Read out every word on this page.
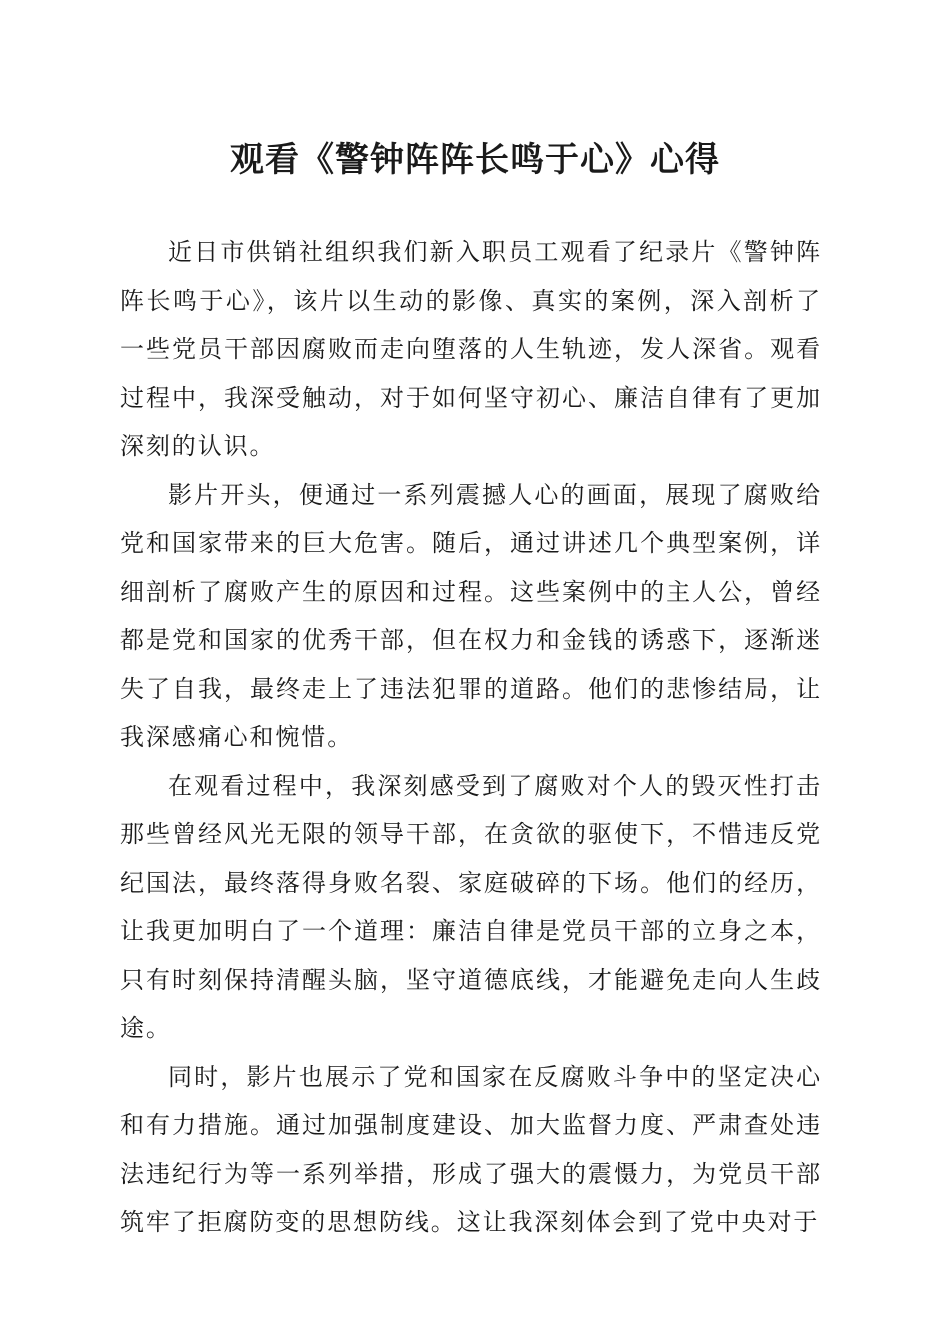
观看《警钟阵阵长鸣于心》心得

近日市供销社组织我们新入职员工观看了纪录片《警钟阵阵长鸣于心》，该片以生动的影像、真实的案例，深入剖析了一些党员干部因腐败而走向堕落的人生轨迹，发人深省。观看过程中，我深受触动，对于如何坚守初心、廉洁自律有了更加深刻的认识。

影片开头，便通过一系列震撼人心的画面，展现了腐败给党和国家带来的巨大危害。随后，通过讲述几个典型案例，详细剖析了腐败产生的原因和过程。这些案例中的主人公，曾经都是党和国家的优秀干部，但在权力和金钱的诱惑下，逐渐迷失了自我，最终走上了违法犯罪的道路。他们的悲惨结局，让我深感痛心和惋惜。

在观看过程中，我深刻感受到了腐败对个人的毁灭性打击那些曾经风光无限的领导干部，在贪欲的驱使下，不惜违反党纪国法，最终落得身败名裂、家庭破碎的下场。他们的经历，让我更加明白了一个道理：廉洁自律是党员干部的立身之本，只有时刻保持清醒头脑，坚守道德底线，才能避免走向人生歧途。

同时，影片也展示了党和国家在反腐败斗争中的坚定决心和有力措施。通过加强制度建设、加大监督力度、严肃查处违法违纪行为等一系列举措，形成了强大的震慑力，为党员干部筑牢了拒腐防变的思想防线。这让我深刻体会到了党中央对于
